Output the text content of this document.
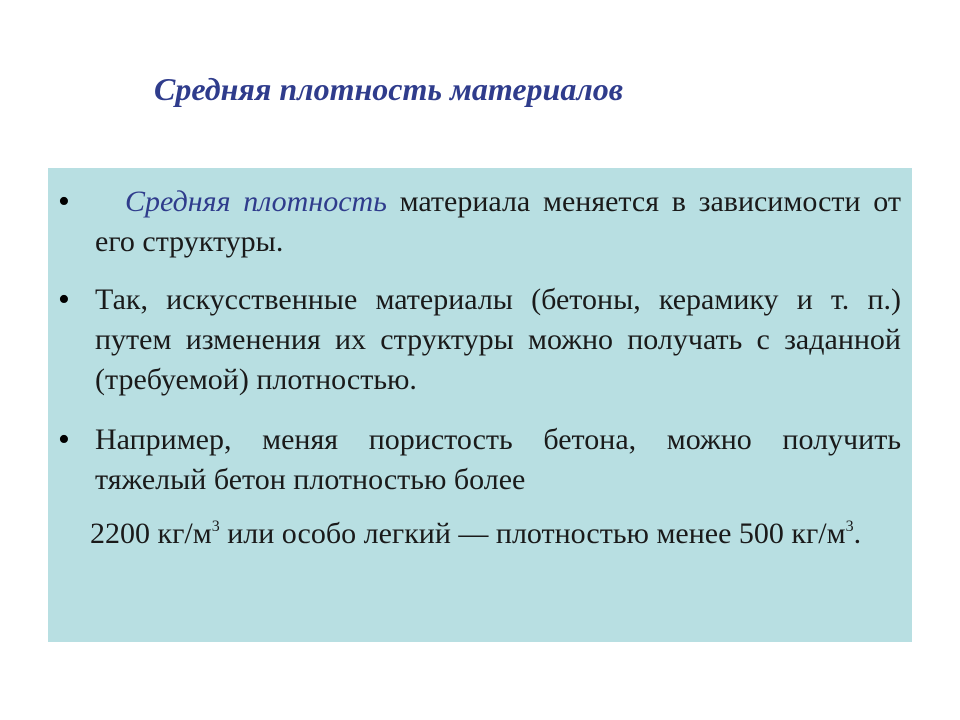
Средняя плотность материалов
•	Средняя плотность материала меняется в зависимости от его структуры.
• Так, искусственные материалы (бетоны, керамику и т. п.) путем изменения их структуры можно получать с заданной (требуемой) плотностью.
• Например, меняя пористость бетона, можно получить тяжелый бетон плотностью более
2200 $кг/м^3$ или особо легкий — плотностью менее 500 $кг/м^3$.
